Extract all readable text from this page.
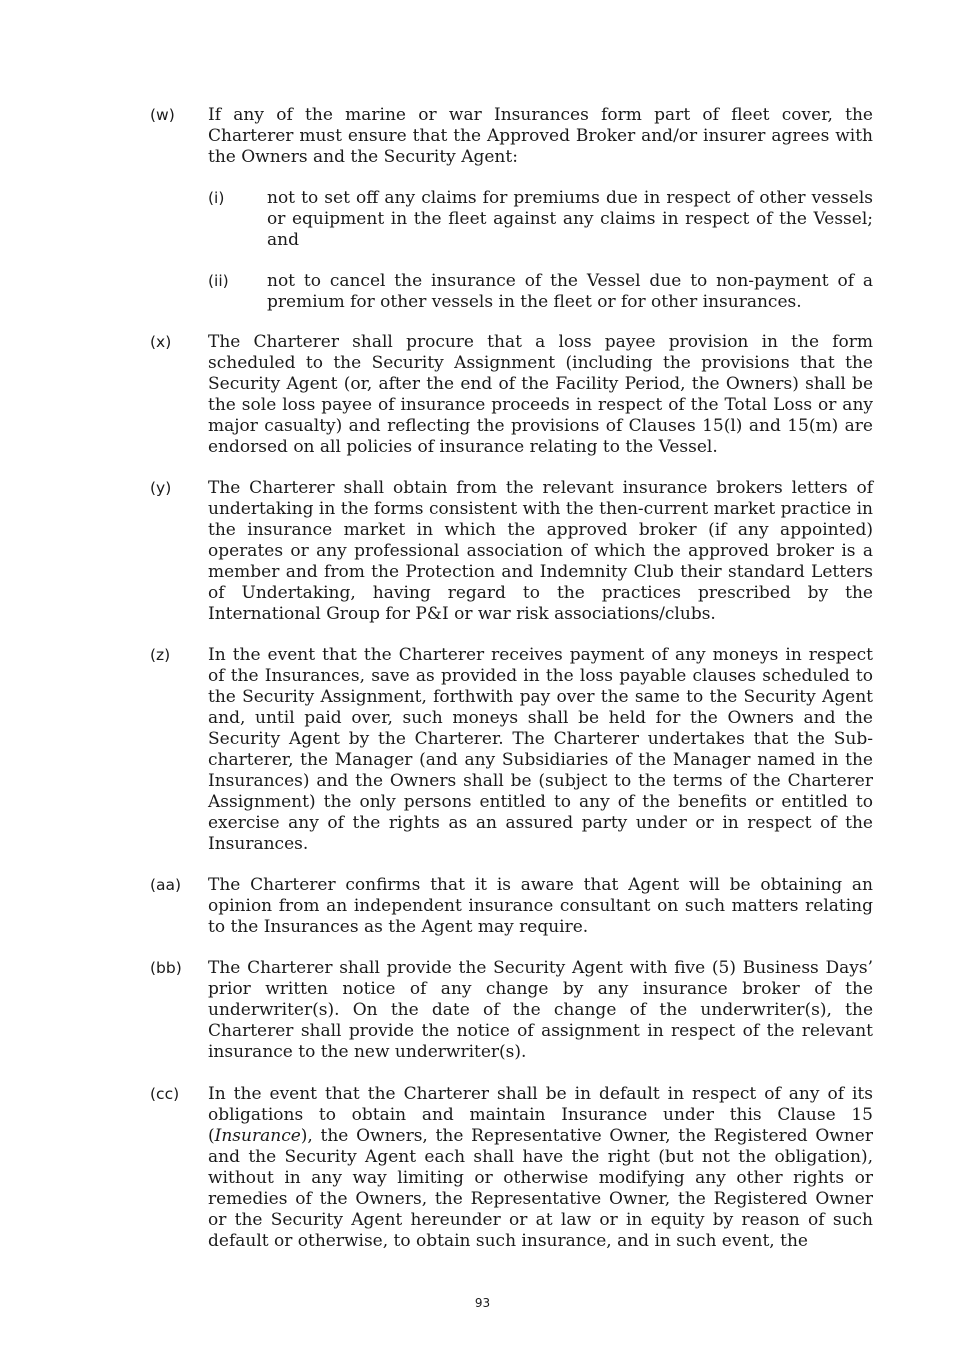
(w) If any of the marine or war Insurances form part of fleet cover, the Charterer must ensure that the Approved Broker and/or insurer agrees with the Owners and the Security Agent:
(i)	not to set off any claims for premiums due in respect of other vessels or equipment in the fleet against any claims in respect of the Vessel; and
(ii) not to cancel the insurance of the Vessel due to non-payment of a premium for other vessels in the fleet or for other insurances.
(x) The Charterer shall procure that a loss payee provision in the form scheduled to the Security Assignment (including the provisions that the Security Agent (or, after the end of the Facility Period, the Owners) shall be the sole loss payee of insurance proceeds in respect of the Total Loss or any major casualty) and reflecting the provisions of Clauses 15(l) and 15(m) are endorsed on all policies of insurance relating to the Vessel.
(y) The Charterer shall obtain from the relevant insurance brokers letters of undertaking in the forms consistent with the then-current market practice in the insurance market in which the approved broker (if any appointed) operates or any professional association of which the approved broker is a member and from the Protection and Indemnity Club their standard Letters of Undertaking, having regard to the practices prescribed by the International Group for P&I or war risk associations/clubs.
(z) In the event that the Charterer receives payment of any moneys in respect of the Insurances, save as provided in the loss payable clauses scheduled to the Security Assignment, forthwith pay over the same to the Security Agent and, until paid over, such moneys shall be held for the Owners and the Security Agent by the Charterer. The Charterer undertakes that the Sub-charterer, the Manager (and any Subsidiaries of the Manager named in the Insurances) and the Owners shall be (subject to the terms of the Charterer Assignment) the only persons entitled to any of the benefits or entitled to exercise any of the rights as an assured party under or in respect of the Insurances.
(aa) The Charterer confirms that it is aware that Agent will be obtaining an opinion from an independent insurance consultant on such matters relating to the Insurances as the Agent may require.
(bb) The Charterer shall provide the Security Agent with five (5) Business Days’ prior written notice of any change by any insurance broker of the underwriter(s). On the date of the change of the underwriter(s), the Charterer shall provide the notice of assignment in respect of the relevant insurance to the new underwriter(s).
(cc) In the event that the Charterer shall be in default in respect of any of its obligations to obtain and maintain Insurance under this Clause 15 (Insurance), the Owners, the Representative Owner, the Registered Owner and the Security Agent each shall have the right (but not the obligation), without in any way limiting or otherwise modifying any other rights or remedies of the Owners, the Representative Owner, the Registered Owner or the Security Agent hereunder or at law or in equity by reason of such default or otherwise, to obtain such insurance, and in such event, the
93
